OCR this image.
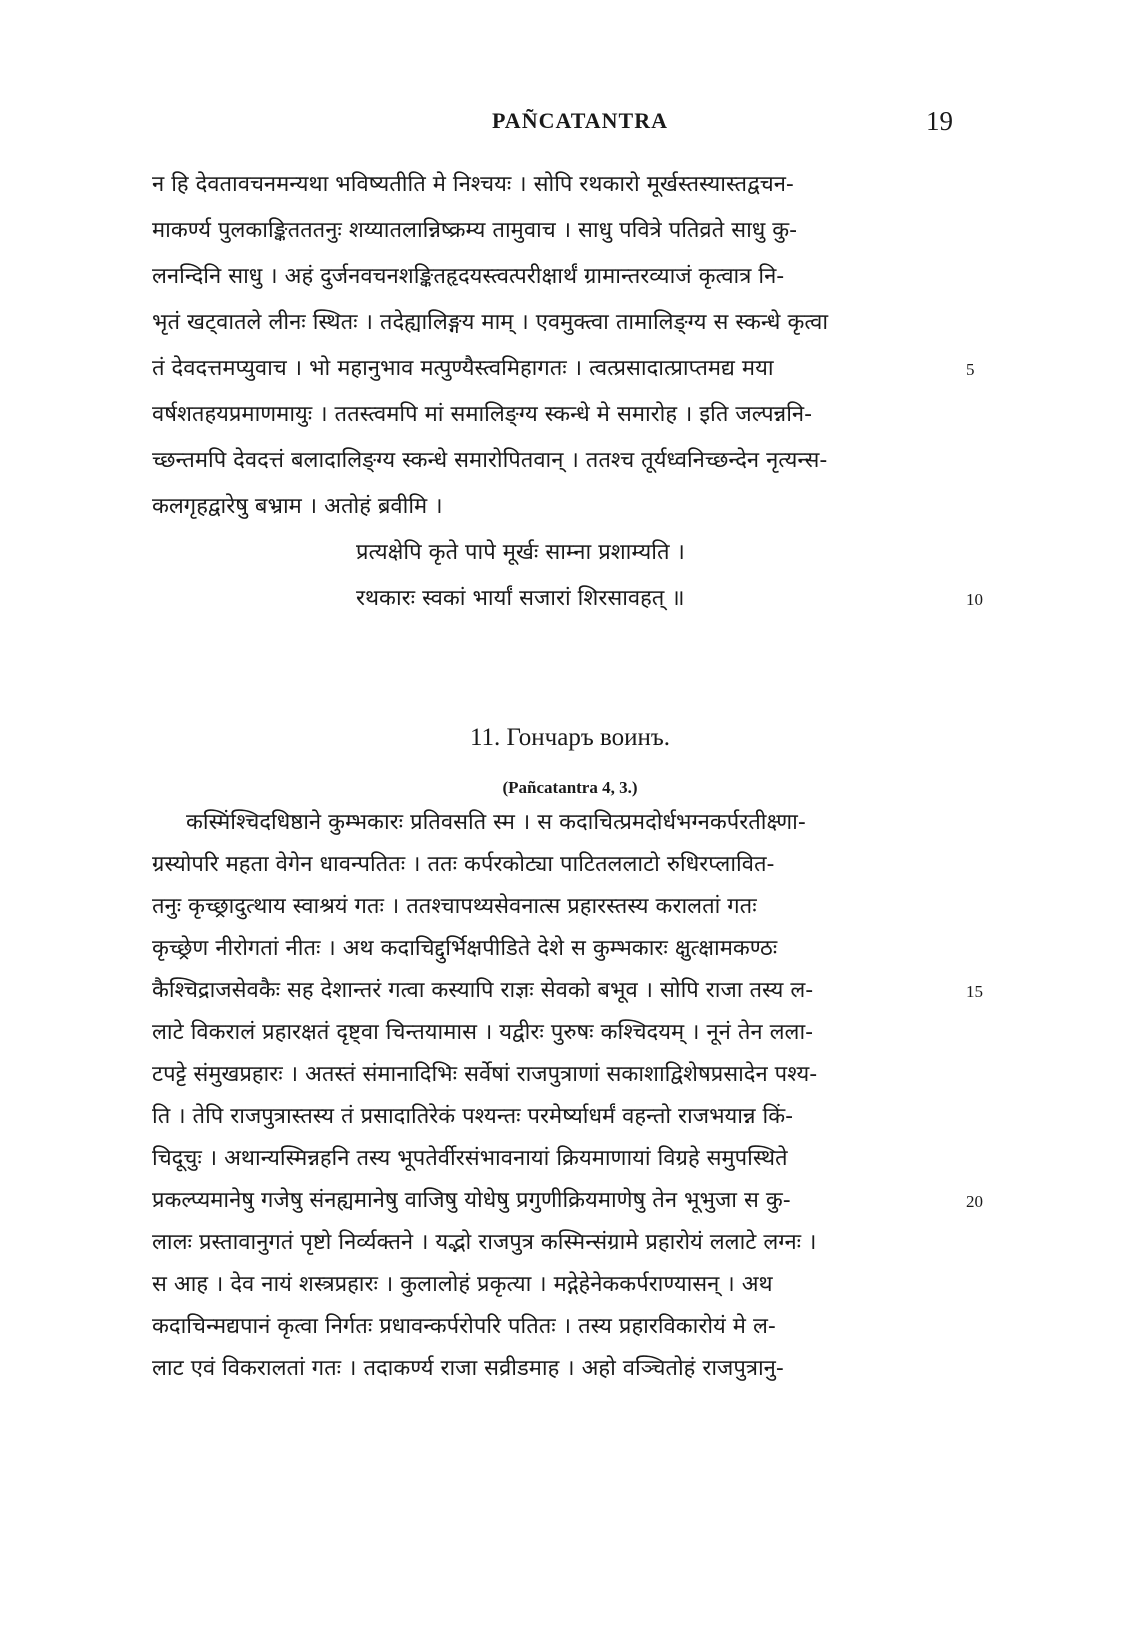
PAÑCATANTRA	19
न हि देवतावचनमन्यथा भविष्यतीति मे निश्चयः । सोपि रथकारो मूर्खस्तस्यास्तद्वचन-
माकर्ण्य पुलकाङ्कितततनुः शय्यातलान्निष्क्रम्य तामुवाच । साधु पवित्रे पतिव्रते साधु कु-
लनन्दिनि साधु । अहं दुर्जनवचनशङ्कितहृदयस्त्वत्परीक्षार्थं ग्रामान्तरव्याजं कृत्वात्र नि-
भृतं खट्वातले लीनः स्थितः । तदेह्यालिङ्गय माम् । एवमुक्त्वा तामालिङ्ग्य स स्कन्धे कृत्वा
तं देवदत्तमप्युवाच । भो महानुभाव मत्पुण्यैस्त्वमिहागतः । त्वत्प्रसादात्प्राप्तमद्य मया	5
वर्षशतहयप्रमाणमायुः । ततस्त्वमपि मां समालिङ्ग्य स्कन्धे मे समारोह । इति जल्पन्ननि-
च्छन्तमपि देवदत्तं बलादालिङ्ग्य स्कन्धे समारोपितवान् । ततश्च तूर्यध्वनिच्छन्देन नृत्यन्स-
कलगृहद्वारेषु बभ्राम । अतोहं ब्रवीमि ।
प्रत्यक्षेपि कृते पापे मूर्खः साम्ना प्रशाम्यति ।
रथकारः स्वकां भार्यां सजारां शिरसावहत् ॥	10
11. Гончаръ воинъ.
(Pañcatantra 4, 3.)
कस्मिंश्चिदधिष्ठाने कुम्भकारः प्रतिवसति स्म । स कदाचित्प्रमदोर्धभग्नकर्परतीक्ष्णा-
ग्रस्योपरि महता वेगेन धावन्पतितः । ततः कर्परकोट्या पाटितललाटो रुधिरप्लावित-
तनुः कृच्छ्रादुत्थाय स्वाश्रयं गतः । ततश्चापथ्यसेवनात्स प्रहारस्तस्य करालतां गतः
कृच्छ्रेण नीरोगतां नीतः । अथ कदाचिद्दुर्भिक्षपीडिते देशे स कुम्भकारः क्षुत्क्षामकण्ठः
कैश्चिद्राजसेवकैः सह देशान्तरं गत्वा कस्यापि राज्ञः सेवको बभूव । सोपि राजा तस्य ल-	15
लाटे विकरालं प्रहारक्षतं दृष्ट्वा चिन्तयामास । यद्वीरः पुरुषः कश्चिदयम् । नूनं तेन लला-
टपट्टे संमुखप्रहारः । अतस्तं संमानादिभिः सर्वेषां राजपुत्राणां सकाशाद्विशेषप्रसादेन पश्य-
ति । तेपि राजपुत्रास्तस्य तं प्रसादातिरेकं पश्यन्तः परमेर्ष्याधर्मं वहन्तो राजभयान्न किं-
चिदूचुः । अथान्यस्मिन्नहनि तस्य भूपतेर्वीरसंभावनायां क्रियमाणायां विग्रहे समुपस्थिते
प्रकल्प्यमानेषु गजेषु संनह्यमानेषु वाजिषु योधेषु प्रगुणीक्रियमाणेषु तेन भूभुजा स कु-	20
लालः प्रस्तावानुगतं पृष्टो निर्व्यक्तने । यद्भो राजपुत्र कस्मिन्संग्रामे प्रहारोयं ललाटे लग्नः ।
स आह । देव नायं शस्त्रप्रहारः । कुलालोहं प्रकृत्या । मद्गेहेनेककर्पराण्यासन् । अथ
कदाचिन्मद्यपानं कृत्वा निर्गतः प्रधावन्कर्परोपरि पतितः । तस्य प्रहारविकारोयं मे ल-
लाट एवं विकरालतां गतः । तदाकर्ण्य राजा सव्रीडमाह । अहो वञ्चितोहं राजपुत्रानु-
